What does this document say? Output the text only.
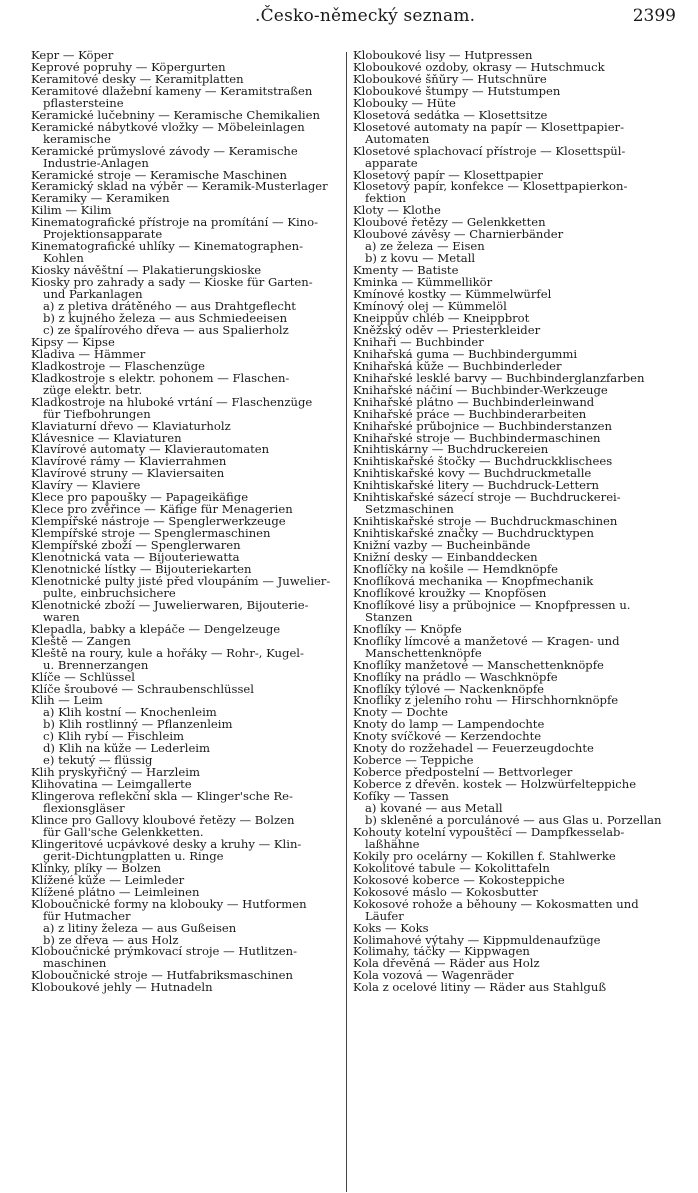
.Česko-německý seznam.	2399
Kepr — Köper
Keprové popruhy — Köpergurten
Keramitové desky — Keramitplatten
Keramitové dlažební kameny — Keramitstraßen
pflastersteine
Keramické lučebniny — Keramische Chemikalien
Keramické nábytkové vložky — Möbeleinlagen
keramische
Keramické průmyslové závody — Keramische
Industrie-Anlagen
Keramické stroje — Keramische Maschinen
Keramický sklad na výběr — Keramik-Musterlager
Keramiky — Keramiken
Kilim — Kilim
Kinematografické přístroje na promítání — Kino-
Projektionsapparate
Kinematografické uhlíky — Kinematographen-
Kohlen
Kiosky návěštní — Plakatierungskioske
Kiosky pro zahrady a sady — Kioske für Garten-
und Parkanlagen
a) z pletiva drátěného — aus Drahtgeflecht
b) z kujného železa — aus Schmiedeeisen
c) ze špalírového dřeva — aus Spalierholz
Kipsy — Kipse
Kladiva — Hämmer
Kladkostroje — Flaschenzüge
Kladkostroje s elektr. pohonem — Flaschen-
züge elektr. betr.
Kladkostroje na hluboké vrtání — Flaschenzüge
für Tiefbohrungen
Klaviaturní dřevo — Klaviaturholz
Klávesnice — Klaviaturen
Klavírové automaty — Klavierautomaten
Klavírové rámy — Klavierrahmen
Klavírové struny — Klaviersaiten
Klavíry — Klaviere
Klece pro papoušky — Papageikäfige
Klece pro zvěřince — Käfige für Menagerien
Klempířské nástroje — Spenglerwerkzeuge
Klempířské stroje — Spenglermaschinen
Klempířské zboží — Spenglerwaren
Klenotnická vata — Bijouteriewatta
Klenotnické lístky — Bijouteriekarten
Klenotnické pulty jisté před vloupáním — Juwelier-
pulte, einbruchsichere
Klenotnické zboží — Juwelierwaren, Bijouterie-
waren
Klepadla, babky a klepáče — Dengelzeuge
Kleště — Zangen
Kleště na roury, kule a hořáky — Rohr-, Kugel-
u. Brennerzangen
Klíče — Schlüssel
Klíče šroubové — Schraubenschlüssel
Klih — Leim
a) Klih kostní — Knochenleim
b) Klih rostlinný — Pflanzenleim
c) Klih rybí — Fischleim
d) Klih na kůže — Lederleim
e) tekutý — flüssig
Klih pryskyřičný — Harzleim
Klihovatina — Leimgallerte
Klingerova reflekční skla — Klinger'sche Re-
flexionsgläser
Klince pro Gallovy kloubové řetězy — Bolzen
für Gall'sche Gelenkketten.
Klingeritové ucpávkové desky a kruhy — Klin-
gerit-Dichtungplatten u. Ringe
Klínky, plíky — Bolzen
Klížené kůže — Leimleder
Klížené plátno — Leimleinen
Kloboučnické formy na klobouky — Hutformen
für Hutmacher
a) z litiny železa — aus Gußeisen
b) ze dřeva — aus Holz
Kloboučnické prýmkovací stroje — Hutlitzen-
maschinen
Kloboučnické stroje — Hutfabriksmaschinen
Kloboukové jehly — Hutnadeln
Kloboukové lisy — Hutpressen
Kloboukové ozdoby, okrasy — Hutschmuck
Kloboukové šňůry — Hutschnüre
Kloboukové štumpy — Hutstumpen
Klobouky — Hüte
Klosetová sedátka — Klosettsitze
Klosetové automaty na papír — Klosettpapier-
Automaten
Klosetové splachovací přístroje — Klosettspül-
apparate
Klosetový papír — Klosettpapier
Klosetový papír, konfekce — Klosettpapierkon-
fektion
Kloty — Klothe
Kloubové řetězy — Gelenkketten
Kloubové závěsy — Charnierbänder
a) ze železa — Eisen
b) z kovu — Metall
Kmenty — Batiste
Kminka — Kümmellikör
Kmínové kostky — Kümmelwürfel
Kmínový olej — Kümmelöl
Kneippův chléb — Kneippbrot
Kněžský oděv — Priesterkleider
Knihaři — Buchbinder
Knihařská guma — Buchbindergummi
Knihařská kůže — Buchbinderleder
Knihařské lesklé barvy — Buchbinderglanzfarben
Knihařské náčiní — Buchbinder-Werkzeuge
Knihařské plátno — Buchbinderleinwand
Knihařské práce — Buchbinderarbeiten
Knihařské průbojnice — Buchbinderstanzen
Knihařské stroje — Buchbindermaschinen
Knihtiskárny — Buchdruckereien
Knihtiskařské štočky — Buchdruckklischees
Knihtiskařské kovy — Buchdruckmetalle
Knihtiskařské litery — Buchdruck-Lettern
Knihtiskařské sázecí stroje — Buchdruckerei-
Setzmaschinen
Knihtiskařské stroje — Buchdruckmaschinen
Knihtiskařské značky — Buchdrucktypen
Knižní vazby — Bucheinbände
Knižní desky — Einbanddecken
Knoflíčky na košile — Hemdknöpfe
Knoflíková mechanika — Knopfmechanik
Knoflíkové kroužky — Knopfösen
Knoflíkové lisy a průbojnice — Knopfpressen u.
Stanzen
Knoflíky — Knöpfe
Knoflíky límcové a manžetové — Kragen- und
Manschettenknöpfe
Knoflíky manžetové — Manschettenknöpfe
Knoflíky na prádlo — Waschknöpfe
Knoflíky týlové — Nackenknöpfe
Knoflíky z jeleního rohu — Hirschhornknöpfe
Knoty — Dochte
Knoty do lamp — Lampendochte
Knoty svíčkové — Kerzendochte
Knoty do rozžehadel — Feuerzeugdochte
Koberce — Teppiche
Koberce předpostelní — Bettvorleger
Koberce z dřevěn. kostek — Holzwürfelteppiche
Kofíky — Tassen
a) kované — aus Metall
b) skleněné a porculánové — aus Glas u. Porzellan
Kohouty kotelní vypouštěcí — Dampfkesselab-
laßhähne
Kokily pro ocelárny — Kokillen f. Stahlwerke
Kokolitové tabule — Kokolittafeln
Kokosové koberce — Kokosteppiche
Kokosové máslo — Kokosbutter
Kokosové rohože a běhouny — Kokosmatten und
Läufer
Koks — Koks
Kolimahové výtahy — Kippmuldenaufzüge
Kolimahy, táčky — Kippwagen
Kola dřevěná — Räder aus Holz
Kola vozová — Wagenräder
Kola z ocelové litiny — Räder aus Stahlguß
